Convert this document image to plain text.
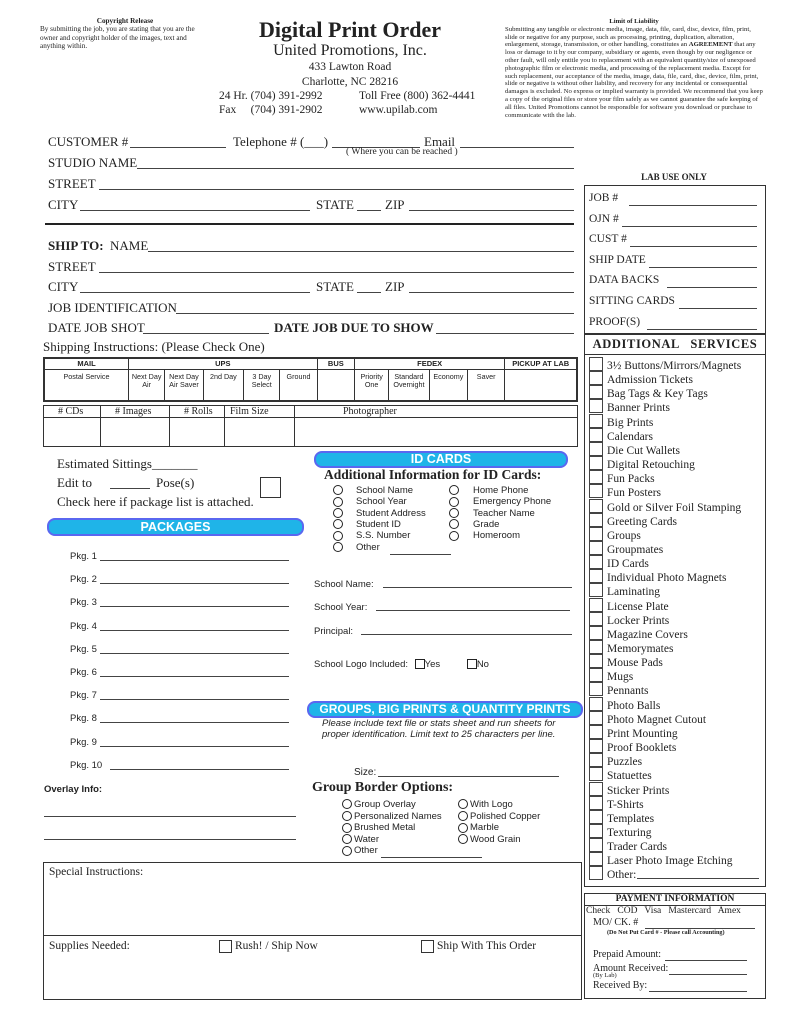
Copyright Release
By submitting the job, you are stating that you are the owner and copyright holder of the images, text and anything within.
Digital Print Order
United Promotions, Inc.
433 Lawton Road
Charlotte, NC 28216
24 Hr. (704) 391-2992	Toll Free (800) 362-4441
Fax     (704) 391-2902	www.upilab.com
Limit of Liability
Submitting any tangible or electronic media, image, data, file, card, disc, device, film, print, slide or negative for any purpose, such as processing, printing, duplication, alteration, enlargement, storage, transmission, or other handling, constitutes an AGREEMENT that any loss or damage to it by our company, subsidiary or agents, even though by our negligence or other fault, will only entitle you to replacement with an equivalent quantity/size of unexposed photographic film or electronic media, and processing of the replacement media. Except for such replacement, our acceptance of the media, image, data, file, card, disc, device, film, print, slide or negative is without other liability, and recovery for any incidental or consequential damages is excluded. No express or implied warranty is provided. We recommend that you keep a copy of the original files or store your film safely as we cannot guarantee the safe keeping of all files. United Promotions cannot be responsible for software you download or purchase to communicate with the lab.
CUSTOMER #	Telephone # (___)	Email
( Where you can be reached )
STUDIO NAME
STREET
CITY	STATE ZIP
SHIP TO: NAME
STREET
CITY	STATE ZIP
JOB IDENTIFICATION
DATE JOB SHOT	DATE JOB DUE TO SHOW
Shipping Instructions: (Please Check One)
MAIL	UPS					BUS	FEDEX				PICKUP AT LAB
Postal Service	Next Day Air	Next Day Air Saver	2nd Day	3 Day Select	Ground		Priority One	Standard Overnight	Economy	Saver	
# CDs	# Images	# Rolls	Film Size	Photographer

Estimated Sittings_______
Edit to	Pose(s)
Check here if package list is attached.
PACKAGES
Pkg. 1
Pkg. 2
Pkg. 3
Pkg. 4
Pkg. 5
Pkg. 6
Pkg. 7
Pkg. 8
Pkg. 9
Pkg. 10
Overlay Info:
ID CARDS
Additional Information for ID Cards:
School Name
School Year
Student Address
Student ID
S.S. Number
Other
Home Phone
Emergency Phone
Teacher Name
Grade
Homeroom
School Name:
School Year:
Principal:
School Logo Included: Yes	No
GROUPS, BIG PRINTS & QUANTITY PRINTS
Please include text file or stats sheet and run sheets for proper identification. Limit text to 25 characters per line.
Size:
Group Border Options:
Group Overlay
Personalized Names
Brushed Metal
Water
Other
With Logo
Polished Copper
Marble
Wood Grain
Special Instructions:
Supplies Needed:	Rush! / Ship Now	Ship With This Order
LAB USE ONLY
JOB #
OJN #
CUST #
SHIP DATE
DATA BACKS
SITTING CARDS
PROOF(S)
ADDITIONAL   SERVICES
3½ Buttons/Mirrors/Magnets
Admission Tickets
Bag Tags & Key Tags
Banner Prints
Big Prints
Calendars
Die Cut Wallets
Digital Retouching
Fun Packs
Fun Posters
Gold or Silver Foil Stamping
Greeting Cards
Groups
Groupmates
ID Cards
Individual Photo Magnets
Laminating
License Plate
Locker Prints
Magazine Covers
Memorymates
Mouse Pads
Mugs
Pennants
Photo Balls
Photo Magnet Cutout
Print Mounting
Proof Booklets
Puzzles
Statuettes
Sticker Prints
T-Shirts
Templates
Texturing
Trader Cards
Laser Photo Image Etching
Other:
PAYMENT INFORMATION
Check   COD   Visa   Mastercard   Amex
MO/ CK. #
(Do Not Put Card # - Please call Accounting)
Prepaid Amount:
Amount Received:
(By Lab)
Received By:
